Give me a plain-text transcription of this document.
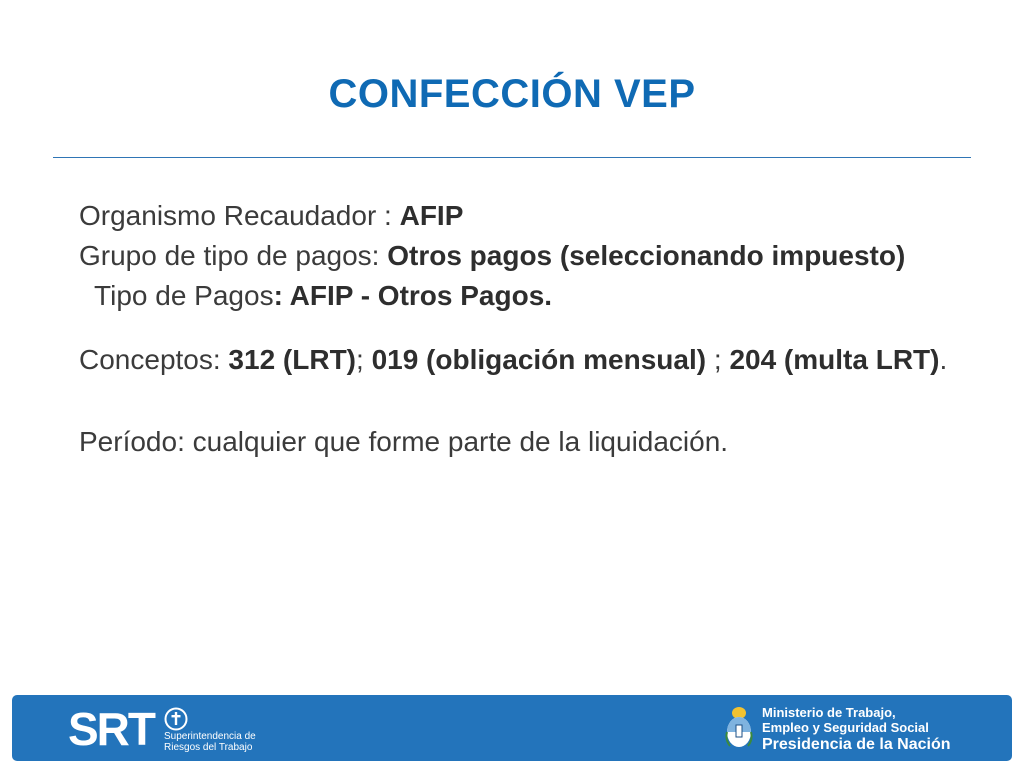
CONFECCIÓN VEP

Organismo Recaudador : AFIP
Grupo de tipo de pagos: Otros pagos (seleccionando impuesto)  Tipo de Pagos: AFIP - Otros Pagos.

Conceptos: 312 (LRT); 019 (obligación mensual) ; 204 (multa LRT).

Período: cualquier que forme parte de la liquidación.

SRT Superintendencia de
Riesgos del Trabajo
Ministerio de Trabajo,
Empleo y Seguridad Social
Presidencia de la Nación
